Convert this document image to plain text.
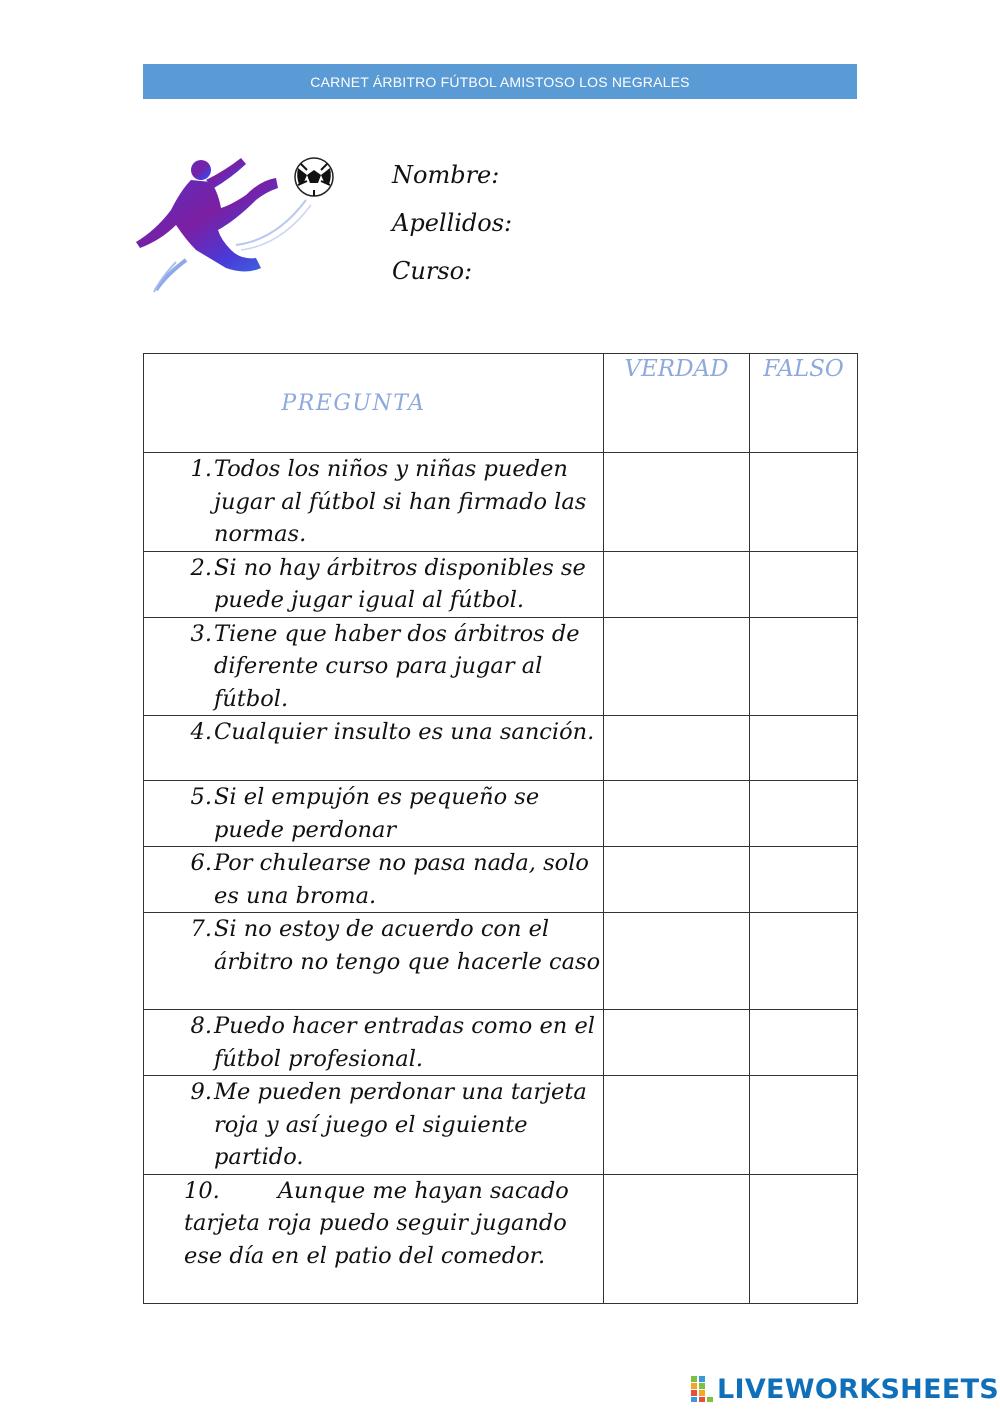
CARNET ÁRBITRO FÚTBOL AMISTOSO LOS NEGRALES
Nombre:
Apellidos:
Curso:
PREGUNTA	VERDAD	FALSO

1. Todos los niños y niñas pueden jugar al fútbol si han firmado las normas.		

2. Si no hay árbitros disponibles se puede jugar igual al fútbol.		

3. Tiene que haber dos árbitros de diferente curso para jugar al fútbol.		

4. Cualquier insulto es una sanción.		

5. Si el empujón es pequeño se puede perdonar		

6. Por chulearse no pasa nada, solo es una broma.		

7. Si no estoy de acuerdo con el árbitro no tengo que hacerle caso		

8. Puedo hacer entradas como en el fútbol profesional.		

9. Me pueden perdonar una tarjeta roja y así juego el siguiente partido.		

10. Aunque me hayan sacado tarjeta roja puedo seguir jugando ese día en el patio del comedor.		

LIVEWORKSHEETS
